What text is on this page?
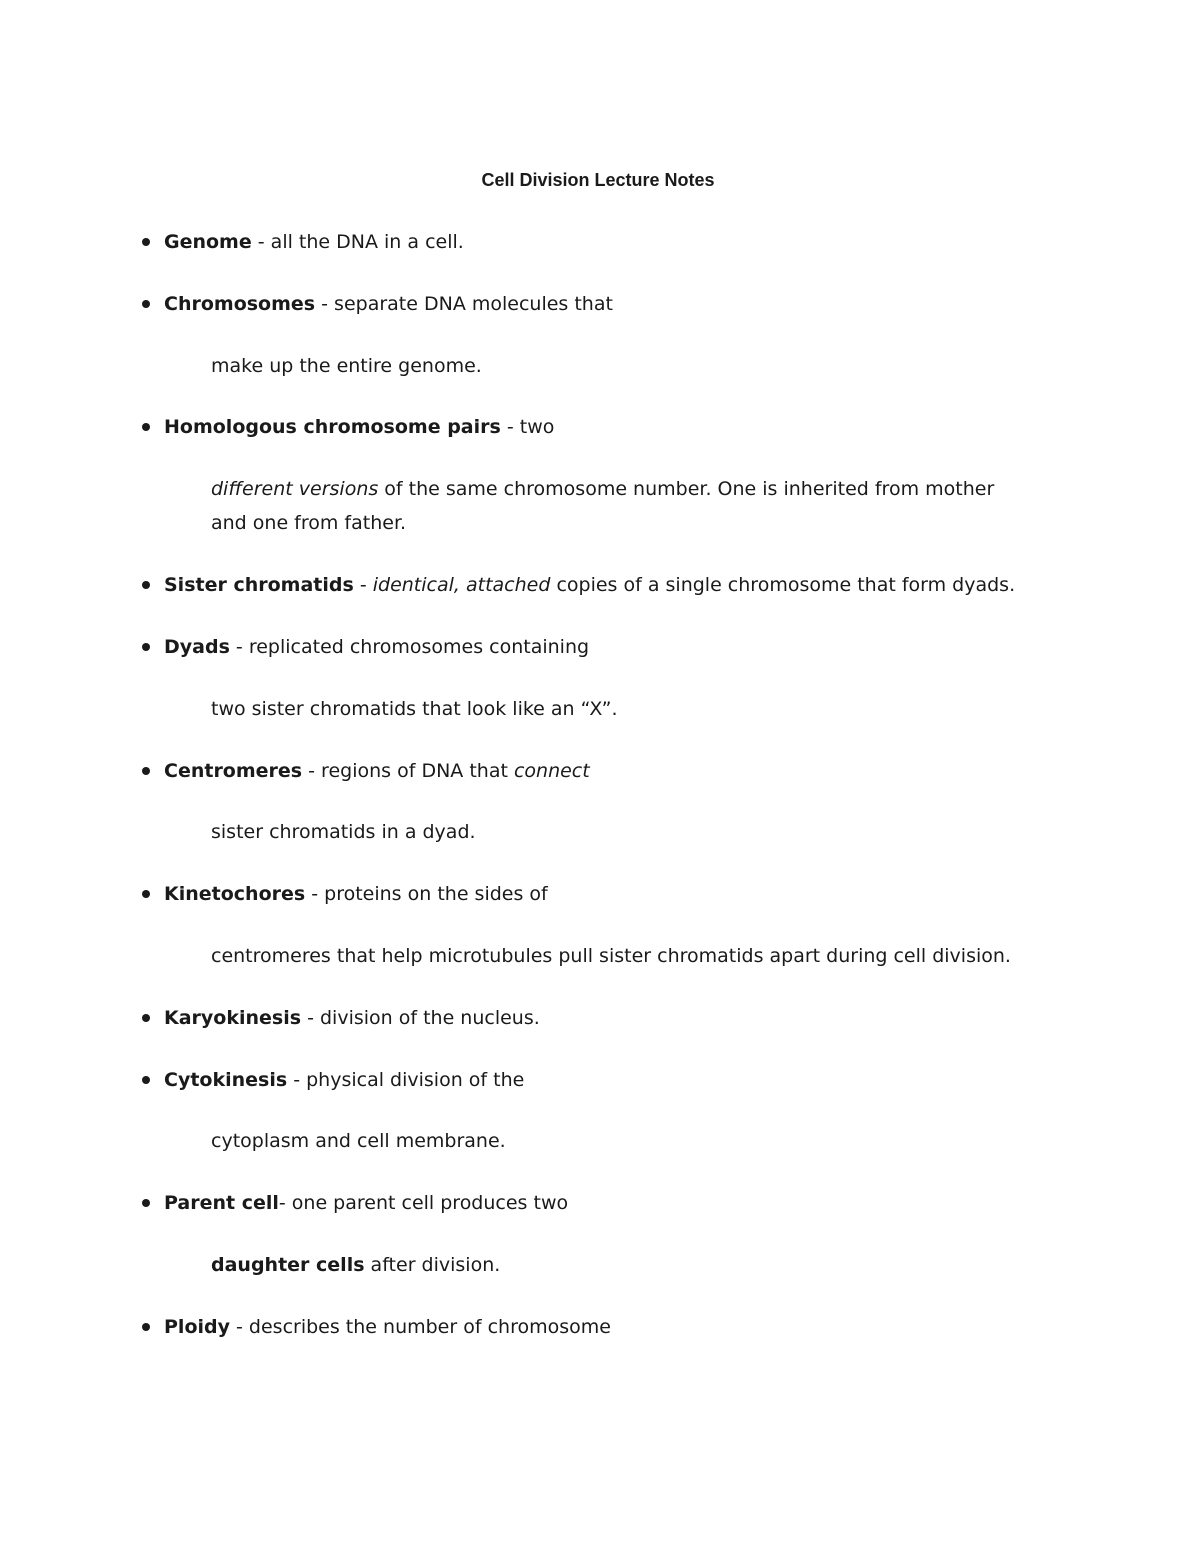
Cell Division Lecture Notes
Genome - all the DNA in a cell.
Chromosomes - separate DNA molecules that
make up the entire genome.
Homologous chromosome pairs - two
different versions of the same chromosome number. One is inherited from mother
and one from father.
Sister chromatids - identical, attached copies of a single chromosome that form dyads.
Dyads - replicated chromosomes containing
two sister chromatids that look like an “X”.
Centromeres - regions of DNA that connect
sister chromatids in a dyad.
Kinetochores - proteins on the sides of
centromeres that help microtubules pull sister chromatids apart during cell division.
Karyokinesis - division of the nucleus.
Cytokinesis - physical division of the
cytoplasm and cell membrane.
Parent cell- one parent cell produces two
daughter cells after division.
Ploidy - describes the number of chromosome
